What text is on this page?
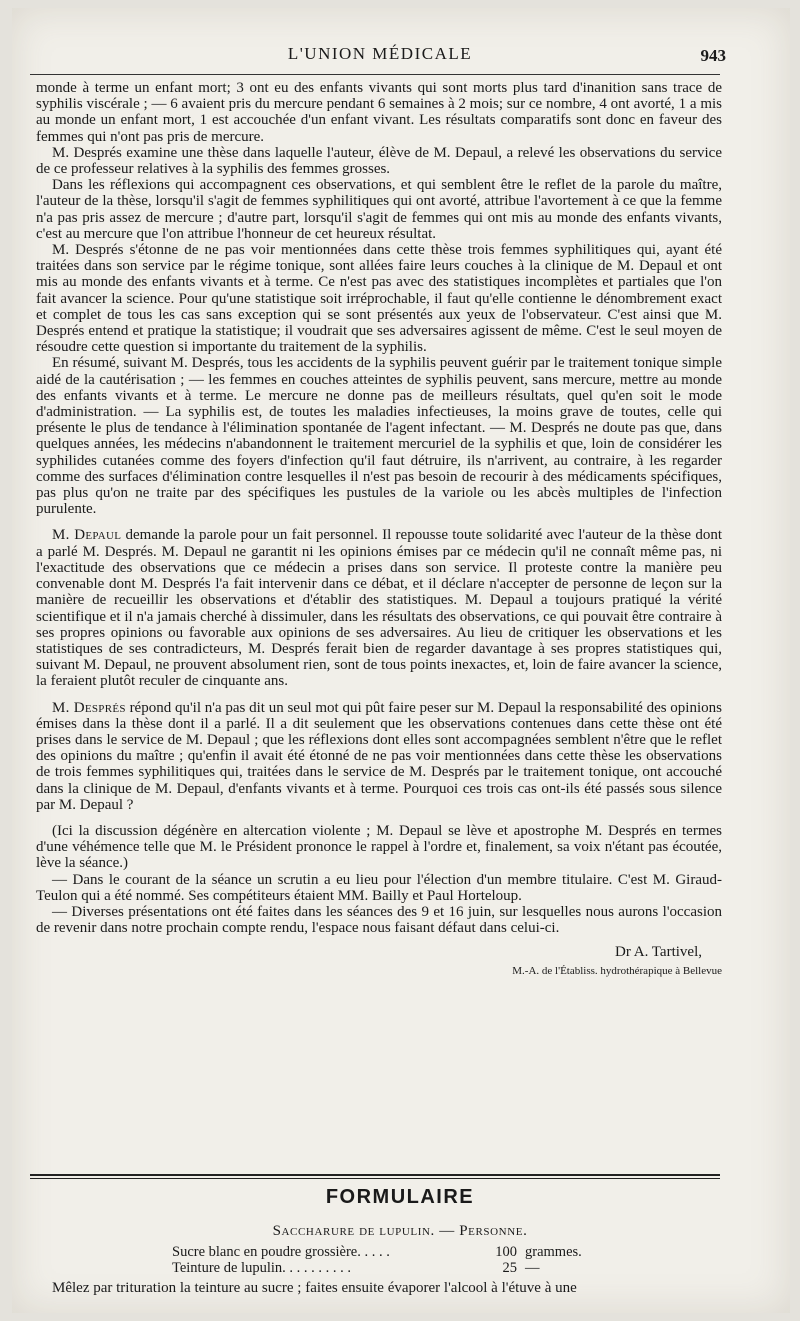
L'UNION MÉDICALE	943

monde à terme un enfant mort; 3 ont eu des enfants vivants qui sont morts plus tard d'inanition sans trace de syphilis viscérale ; — 6 avaient pris du mercure pendant 6 semaines à 2 mois; sur ce nombre, 4 ont avorté, 1 a mis au monde un enfant mort, 1 est accouchée d'un enfant vivant. Les résultats comparatifs sont donc en faveur des femmes qui n'ont pas pris de mercure.

M. Després examine une thèse dans laquelle l'auteur, élève de M. Depaul, a relevé les observations du service de ce professeur relatives à la syphilis des femmes grosses.

Dans les réflexions qui accompagnent ces observations, et qui semblent être le reflet de la parole du maître, l'auteur de la thèse, lorsqu'il s'agit de femmes syphilitiques qui ont avorté, attribue l'avortement à ce que la femme n'a pas pris assez de mercure ; d'autre part, lorsqu'il s'agit de femmes qui ont mis au monde des enfants vivants, c'est au mercure que l'on attribue l'honneur de cet heureux résultat.

M. Després s'étonne de ne pas voir mentionnées dans cette thèse trois femmes syphilitiques qui, ayant été traitées dans son service par le régime tonique, sont allées faire leurs couches à la clinique de M. Depaul et ont mis au monde des enfants vivants et à terme. Ce n'est pas avec des statistiques incomplètes et partiales que l'on fait avancer la science. Pour qu'une statistique soit irréprochable, il faut qu'elle contienne le dénombrement exact et complet de tous les cas sans exception qui se sont présentés aux yeux de l'observateur. C'est ainsi que M. Després entend et pratique la statistique; il voudrait que ses adversaires agissent de même. C'est le seul moyen de résoudre cette question si importante du traitement de la syphilis.

En résumé, suivant M. Després, tous les accidents de la syphilis peuvent guérir par le traitement tonique simple aidé de la cautérisation ; — les femmes en couches atteintes de syphilis peuvent, sans mercure, mettre au monde des enfants vivants et à terme. Le mercure ne donne pas de meilleurs résultats, quel qu'en soit le mode d'administration. — La syphilis est, de toutes les maladies infectieuses, la moins grave de toutes, celle qui présente le plus de tendance à l'élimination spontanée de l'agent infectant. — M. Després ne doute pas que, dans quelques années, les médecins n'abandonnent le traitement mercuriel de la syphilis et que, loin de considérer les syphilides cutanées comme des foyers d'infection qu'il faut détruire, ils n'arrivent, au contraire, à les regarder comme des surfaces d'élimination contre lesquelles il n'est pas besoin de recourir à des médicaments spécifiques, pas plus qu'on ne traite par des spécifiques les pustules de la variole ou les abcès multiples de l'infection purulente.

M. Depaul demande la parole pour un fait personnel. Il repousse toute solidarité avec l'auteur de la thèse dont a parlé M. Després. M. Depaul ne garantit ni les opinions émises par ce médecin qu'il ne connaît même pas, ni l'exactitude des observations que ce médecin a prises dans son service. Il proteste contre la manière peu convenable dont M. Després l'a fait intervenir dans ce débat, et il déclare n'accepter de personne de leçon sur la manière de recueillir les observations et d'établir des statistiques. M. Depaul a toujours pratiqué la vérité scientifique et il n'a jamais cherché à dissimuler, dans les résultats des observations, ce qui pouvait être contraire à ses propres opinions ou favorable aux opinions de ses adversaires. Au lieu de critiquer les observations et les statistiques de ses contradicteurs, M. Després ferait bien de regarder davantage à ses propres statistiques qui, suivant M. Depaul, ne prouvent absolument rien, sont de tous points inexactes, et, loin de faire avancer la science, la feraient plutôt reculer de cinquante ans.

M. Després répond qu'il n'a pas dit un seul mot qui pût faire peser sur M. Depaul la responsabilité des opinions émises dans la thèse dont il a parlé. Il a dit seulement que les observations contenues dans cette thèse ont été prises dans le service de M. Depaul ; que les réflexions dont elles sont accompagnées semblent n'être que le reflet des opinions du maître ; qu'enfin il avait été étonné de ne pas voir mentionnées dans cette thèse les observations de trois femmes syphilitiques qui, traitées dans le service de M. Després par le traitement tonique, ont accouché dans la clinique de M. Depaul, d'enfants vivants et à terme. Pourquoi ces trois cas ont-ils été passés sous silence par M. Depaul ?

(Ici la discussion dégénère en altercation violente ; M. Depaul se lève et apostrophe M. Després en termes d'une véhémence telle que M. le Président prononce le rappel à l'ordre et, finalement, sa voix n'étant pas écoutée, lève la séance.)

— Dans le courant de la séance un scrutin a eu lieu pour l'élection d'un membre titulaire. C'est M. Giraud-Teulon qui a été nommé. Ses compétiteurs étaient MM. Bailly et Paul Horteloup.

— Diverses présentations ont été faites dans les séances des 9 et 16 juin, sur lesquelles nous aurons l'occasion de revenir dans notre prochain compte rendu, l'espace nous faisant défaut dans celui-ci.

Dr A. Tartivel,
M.-A. de l'Établiss. hydrothérapique à Bellevue
FORMULAIRE
Saccharure de lupulin. — Personne.
Sucre blanc en poudre grossière. . . . .	100 grammes.
Teinture de lupulin. . . . . . . . . .	25 —
Mêlez par trituration la teinture au sucre ; faites ensuite évaporer l'alcool à l'étuve à une
